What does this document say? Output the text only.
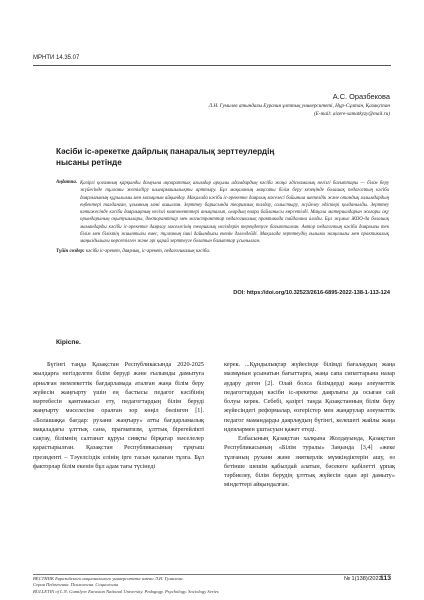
МРНТИ 14.35.07
А.С. Оразбекова
Л.Н. Гумилев атындағы Еуразия ұлттық университеті, Нұр-Сұлтан, Қазақстан
(E-mail: aizere-samatkyzy@mail.ru)
Кәсіби іс-әрекетке дайрлық панаралық зерттеулердің нысаны ретінде
Аңдатпа. Қазіргі қоғамның қарқынды дамуына ақпараттық ағымдар арқылы адамдардың кәсіби жаңа әдіснамалық негізгі бағыттары — білім беру жүйесінде тұлғаны жетілдіру шығармашылықты арттыру. Бұл мақаланың мақсаты білім беру кезеңінде болашақ педагогтың кәсіби даярлығының құрылымы мен мазмұнын айқындау. Мақалада кәсіби іс-әрекетке даярлық мәселесі бойынша шетелдік және отандық ғалымдардың еңбектері талданған, ұғымның мәні ашылған. Зерттеу барысында теориялық талдау, салыстыру, жүйелеу әдістері қолданылды. Зерттеу нәтижесінде кәсіби даярлықтың негізгі компоненттері анықталып, олардың өзара байланысы көрсетілді. Мақала материалдарын жоғары оқу орындарының оқытушылары, докторанттар мен магистранттар педагогикалық практикада пайдалана алады. Бұл жұмыс ЖОО-да болашақ мамандарды кәсіби іс-әрекетке даярлау мәселесінің теориялық негіздерін тереңдетуге бағытталған. Автор педагогтың кәсіби даярлығы тек білім мен біліктің жиынтығы емес, тұлғаның ішкі дайындығы екенін дәлелдейді. Мақалада зерттеудің ғылыми жаңалығы мен практикалық маңыздылығы көрсетілген және әрі қарай зерттеуге болатын бағыттар ұсынылған.
Түйін сөздер: кәсіби іс-әрекет, даярлық, іс-әрекет, педагогикалық кәсіби.
DOI: https://doi.org/10.32523/2616-6895-2022-138-1-113-124
Кіріспе.

Бүгінгі таңда Қазақстан Республикасында 2020-2025 жылдарға негізделген білім беруді және ғылымды дамытуға арналған мемлекеттік бағдарламада аталған жаңа білім беру жүйесін жаңғырту үшін ең бастысы педагог кәсібінің мәртебесін қамтамасыз ету, педагогтардың білім беруді жаңғырту мәселесіне оралған зор көңіл бөлінген [1]. «Болашаққа бағдар: рухани жаңғыру» атты бағдарламалық мақаладағы ұлттық сана, прагматизм, ұлттық бірегейлікті сақтау, білімнің салтанат құруы сияқты бірқатар мәселелер қарастырылған. Қазақстан Республикасының тұңғыш президенті – Тәуелсіздік елінің ірге тасын қалаған тұлға. Бұл факторлар білім екенін бұл адам тағы түсінеді

керек. ...Құндылықтар жүйесінде білімді бағалаудың жаңа мазмұнын ұсынатын бағыттарға, жаңа сапа сипаттарына назар аудару деген [2]. Олай болса білімдерді жаңа әлеуметтік педагогтардың кәсіби іс-әрекетке даярлығы да осыған сай болуы керек. Себебі, қазіргі таңда Қазақстанның білім беру жүйесіндегі реформалар, өзгерістер мен жаңарулар әлеуметтік педагог мамандарды даярлаудың бүгінгі, келешегі жайлы жаңа идеялармен ұштасуын қажет етеді.

Елбасының Қазақстан халқына Жолдауында, Қазақстан Республикасының «Білім туралы» Заңында [3,4] «жеке тұлғаның рухани және зияткерлік мүмкіндіктерін ашу, өз бетінше шешім қабылдай алатын, бәсекеге қабілетті ұрпақ тәрбиелеу, білім берудің ұлттық жүйесін одан әрі дамыту» міндеттері айқындалған.

ВЕСТНИК Евразийского национального университета имени Л.Н. Гумилева.
Серия Педагогика. Психология. Социология
BULLETIN of L.N. Gumilyov Eurasian National University. Pedagogy. Psychology. Sociology Series
№ 1(138)/2022
113
